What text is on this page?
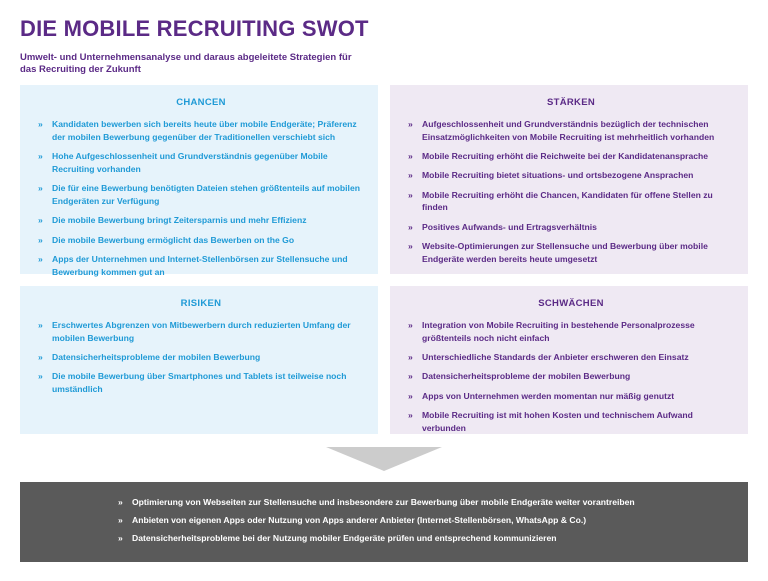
DIE MOBILE RECRUITING SWOT

Umwelt- und Unternehmensanalyse und daraus abgeleitete Strategien für das Recruiting der Zukunft

CHANCEN
» Kandidaten bewerben sich bereits heute über mobile Endgeräte; Präferenz der mobilen Bewerbung gegenüber der Traditionellen verschiebt sich
» Hohe Aufgeschlossenheit und Grundverständnis gegenüber Mobile Recruiting vorhanden
» Die für eine Bewerbung benötigten Dateien stehen größtenteils auf mobilen Endgeräten zur Verfügung
» Die mobile Bewerbung bringt Zeitersparnis und mehr Effizienz
» Die mobile Bewerbung ermöglicht das Bewerben on the Go
» Apps der Unternehmen und Internet-Stellenbörsen zur Stellensuche und Bewerbung kommen gut an
STÄRKEN
» Aufgeschlossenheit und Grundverständnis bezüglich der technischen Einsatzmöglichkeiten von Mobile Recruiting ist mehrheitlich vorhanden
» Mobile Recruiting erhöht die Reichweite bei der Kandidatenansprache
» Mobile Recruiting bietet situations- und ortsbezogene Ansprachen
» Mobile Recruiting erhöht die Chancen, Kandidaten für offene Stellen zu finden
» Positives Aufwands- und Ertragsverhältnis
» Website-Optimierungen zur Stellensuche und Bewerbung über mobile Endgeräte werden bereits heute umgesetzt
RISIKEN
» Erschwertes Abgrenzen von Mitbewerbern durch reduzierten Umfang der mobilen Bewerbung
» Datensicherheitsprobleme der mobilen Bewerbung
» Die mobile Bewerbung über Smartphones und Tablets ist teilweise noch umständlich
SCHWÄCHEN
» Integration von Mobile Recruiting in bestehende Personalprozesse größtenteils noch nicht einfach
» Unterschiedliche Standards der Anbieter erschweren den Einsatz
» Datensicherheitsprobleme der mobilen Bewerbung
» Apps von Unternehmen werden momentan nur mäßig genutzt
» Mobile Recruiting ist mit hohen Kosten und technischem Aufwand verbunden
» Optimierung von Webseiten zur Stellensuche und insbesondere zur Bewerbung über mobile Endgeräte weiter vorantreiben
» Anbieten von eigenen Apps oder Nutzung von Apps anderer Anbieter (Internet-Stellenbörsen, WhatsApp & Co.)
» Datensicherheitsprobleme bei der Nutzung mobiler Endgeräte prüfen und entsprechend kommunizieren
